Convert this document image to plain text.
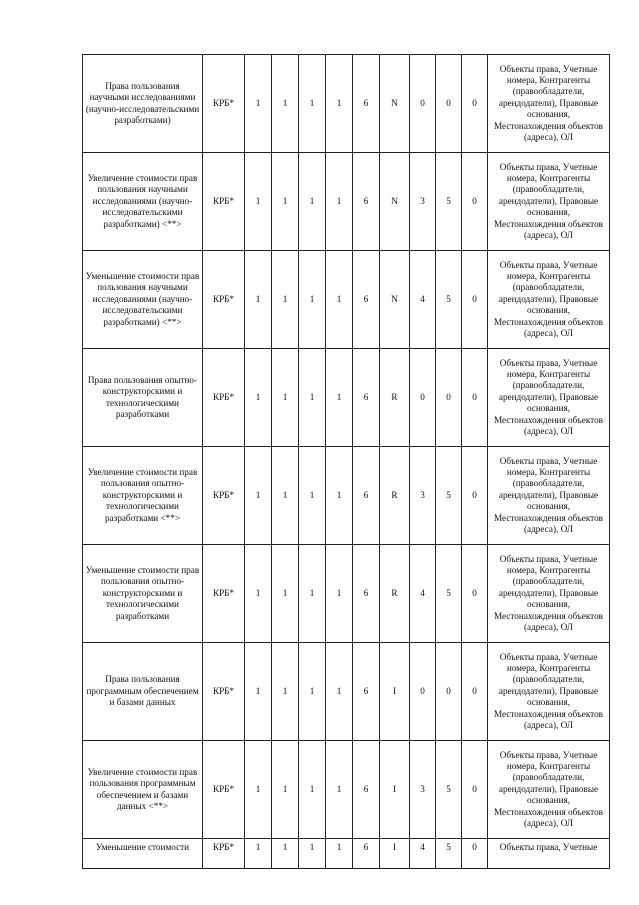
Права пользования научными исследованиями (научно-исследовательскими разработками)	КРБ*	1	1	1	1	6	N	0	0	0	Объекты права, Учетные номера, Контрагенты (правообладатели, арендодатели), Правовые основания, Местонахождения объектов (адреса), ОЛ
Увеличение стоимости прав пользования научными исследованиями (научно-исследовательскими разработками) <**>	КРБ*	1	1	1	1	6	N	3	5	0	Объекты права, Учетные номера, Контрагенты (правообладатели, арендодатели), Правовые основания, Местонахождения объектов (адреса), ОЛ
Уменьшение стоимости прав пользования научными исследованиями (научно-исследовательскими разработками) <**>	КРБ*	1	1	1	1	6	N	4	5	0	Объекты права, Учетные номера, Контрагенты (правообладатели, арендодатели), Правовые основания, Местонахождения объектов (адреса), ОЛ
Права пользования опытно-конструкторскими и технологическими разработками	КРБ*	1	1	1	1	6	R	0	0	0	Объекты права, Учетные номера, Контрагенты (правообладатели, арендодатели), Правовые основания, Местонахождения объектов (адреса), ОЛ
Увеличение стоимости прав пользования опытно-конструкторскими и технологическими разработками <**>	КРБ*	1	1	1	1	6	R	3	5	0	Объекты права, Учетные номера, Контрагенты (правообладатели, арендодатели), Правовые основания, Местонахождения объектов (адреса), ОЛ
Уменьшение стоимости прав пользования опытно-конструкторскими и технологическими разработками	КРБ*	1	1	1	1	6	R	4	5	0	Объекты права, Учетные номера, Контрагенты (правообладатели, арендодатели), Правовые основания, Местонахождения объектов (адреса), ОЛ
Права пользования программным обеспечением и базами данных	КРБ*	1	1	1	1	6	I	0	0	0	Объекты права, Учетные номера, Контрагенты (правообладатели, арендодатели), Правовые основания, Местонахождения объектов (адреса), ОЛ
Увеличение стоимости прав пользования программным обеспечением и базами данных <**>	КРБ*	1	1	1	1	6	I	3	5	0	Объекты права, Учетные номера, Контрагенты (правообладатели, арендодатели), Правовые основания, Местонахождения объектов (адреса), ОЛ
Уменьшение стоимости	КРБ*	1	1	1	1	6	I	4	5	0	Объекты права, Учетные
